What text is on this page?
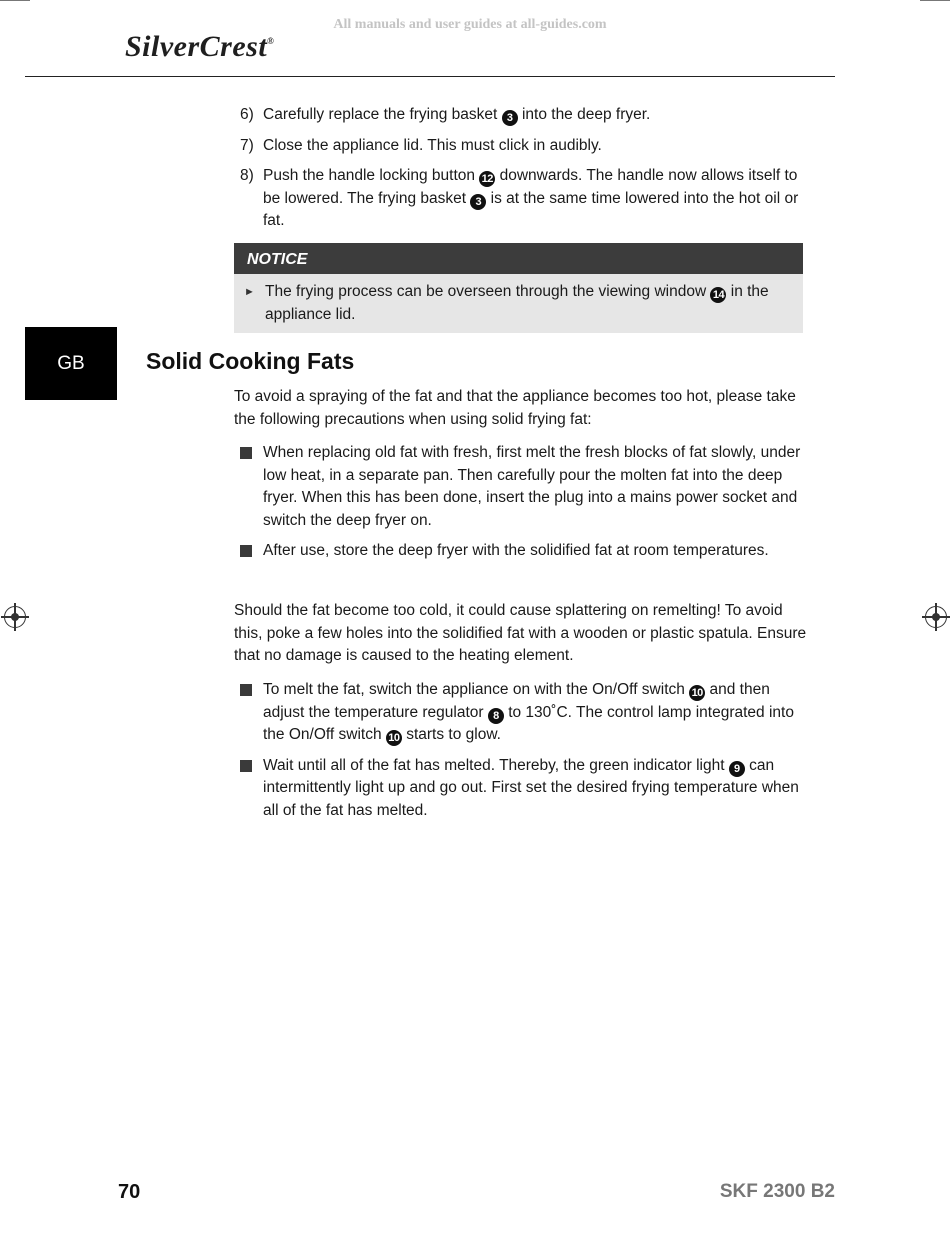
All manuals and user guides at all-guides.com
SilverCrest®
6) Carefully replace the frying basket 3 into the deep fryer.
7) Close the appliance lid. This must click in audibly.
8) Push the handle locking button 12 downwards. The handle now allows itself to be lowered. The frying basket 3 is at the same time lowered into the hot oil or fat.
NOTICE
► The frying process can be overseen through the viewing window 14 in the appliance lid.
GB	Solid Cooking Fats
To avoid a spraying of the fat and that the appliance becomes too hot, please take the following precautions when using solid frying fat:
When replacing old fat with fresh, first melt the fresh blocks of fat slowly, under low heat, in a separate pan. Then carefully pour the molten fat into the deep fryer. When this has been done, insert the plug into a mains power socket and switch the deep fryer on.
After use, store the deep fryer with the solidified fat at room temperatures.
Should the fat become too cold, it could cause splattering on remelting! To avoid this, poke a few holes into the solidified fat with a wooden or plastic spatula. Ensure that no damage is caused to the heating element.
To melt the fat, switch the appliance on with the On/Off switch 10 and then adjust the temperature regulator 8 to 130˚C. The control lamp integrated into the On/Off switch 10 starts to glow.
Wait until all of the fat has melted. Thereby, the green indicator light 9 can intermittently light up and go out. First set the desired frying temperature when all of the fat has melted.
70	SKF 2300 B2
